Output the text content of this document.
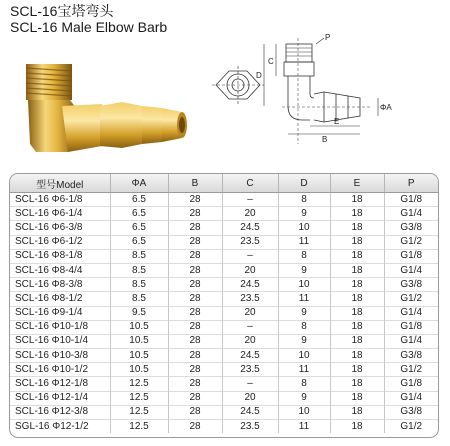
SCL-16宝塔弯头
SCL-16 Male Elbow Barb
P
C
D
ΦA
E
B
型号Model	ΦA	B	C	D	E	P
SCL-16 Φ6-1/8	6.5	28	–	8	18	G1/8
SCL-16 Φ6-1/4	6.5	28	20	9	18	G1/4
SCL-16 Φ6-3/8	6.5	28	24.5	10	18	G3/8
SCL-16 Φ6-1/2	6.5	28	23.5	11	18	G1/2
SCL-16 Φ8-1/8	8.5	28	–	8	18	G1/8
SCL-16 Φ8-4/4	8.5	28	20	9	18	G1/4
SCL-16 Φ8-3/8	8.5	28	24.5	10	18	G3/8
SCL-16 Φ8-1/2	8.5	28	23.5	11	18	G1/2
SCL-16 Φ9-1/4	9.5	28	20	9	18	G1/4
SCL-16 Φ10-1/8	10.5	28	–	8	18	G1/8
SCL-16 Φ10-1/4	10.5	28	20	9	18	G1/4
SCL-16 Φ10-3/8	10.5	28	24.5	10	18	G3/8
SCL-16 Φ10-1/2	10.5	28	23.5	11	18	G1/2
SCL-16 Φ12-1/8	12.5	28	–	8	18	G1/8
SCL-16 Φ12-1/4	12.5	28	20	9	18	G1/4
SCL-16 Φ12-3/8	12.5	28	24.5	10	18	G3/8
SGL-16 Φ12-1/2	12.5	28	23.5	11	18	G1/2
